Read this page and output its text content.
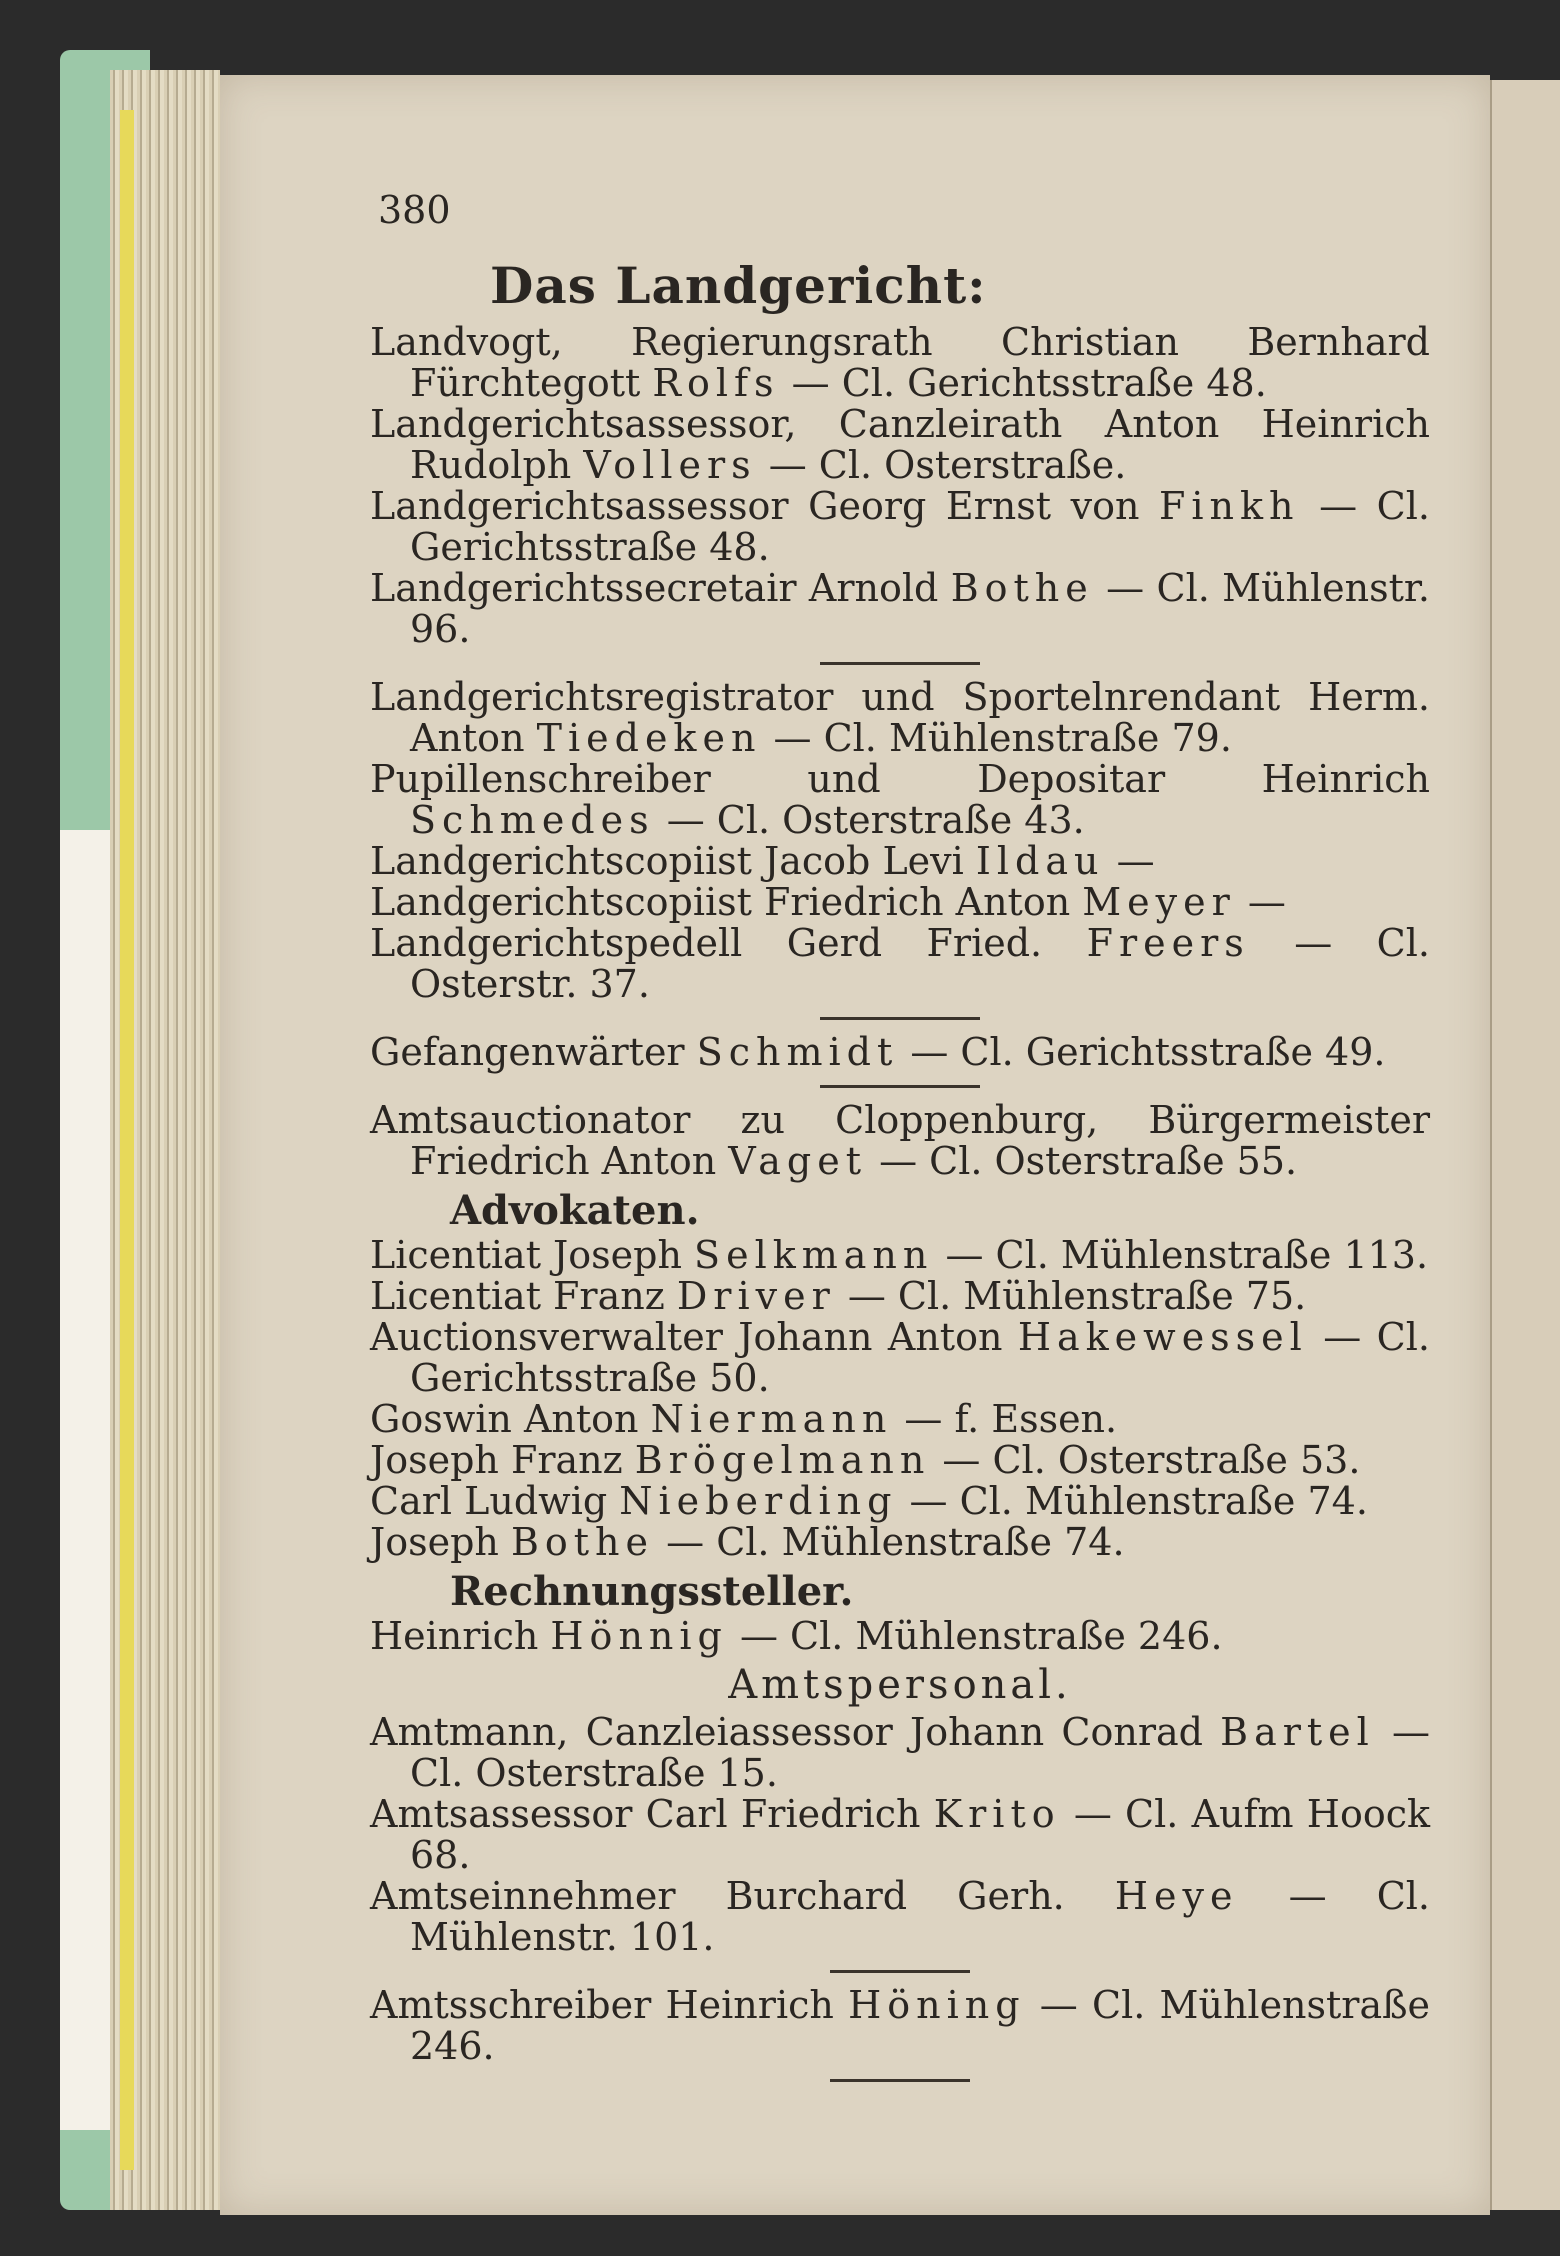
380
Das Landgericht:

Landvogt, Regierungsrath Christian Bernhard Fürchtegott Rolfs — Cl. Gerichtsstraße 48.

Landgerichtsassessor, Canzleirath Anton Heinrich Rudolph Vollers — Cl. Osterstraße.

Landgerichtsassessor Georg Ernst von Finkh — Cl. Gerichtsstraße 48.

Landgerichtssecretair Arnold Bothe — Cl. Mühlenstr. 96.

Landgerichtsregistrator und Sportelnrendant Herm. Anton Tiedeken — Cl. Mühlenstraße 79.

Pupillenschreiber und Depositar Heinrich Schmedes — Cl. Osterstraße 43.

Landgerichtscopiist Jacob Levi Ildau —

Landgerichtscopiist Friedrich Anton Meyer —

Landgerichtspedell Gerd Fried. Freers — Cl. Osterstr. 37.

Gefangenwärter Schmidt — Cl. Gerichtsstraße 49.

Amtsauctionator zu Cloppenburg, Bürgermeister Friedrich Anton Vaget — Cl. Osterstraße 55.

Advokaten.

Licentiat Joseph Selkmann — Cl. Mühlenstraße 113.

Licentiat Franz Driver — Cl. Mühlenstraße 75.

Auctionsverwalter Johann Anton Hakewessel — Cl. Gerichtsstraße 50.

Goswin Anton Niermann — f. Essen.

Joseph Franz Brögelmann — Cl. Osterstraße 53.

Carl Ludwig Nieberding — Cl. Mühlenstraße 74.

Joseph Bothe — Cl. Mühlenstraße 74.

Rechnungssteller.

Heinrich Hönnig — Cl. Mühlenstraße 246.

Amtspersonal.

Amtmann, Canzleiassessor Johann Conrad Bartel — Cl. Osterstraße 15.

Amtsassessor Carl Friedrich Krito — Cl. Aufm Hoock 68.

Amtseinnehmer Burchard Gerh. Heye — Cl. Mühlenstr. 101.

Amtsschreiber Heinrich Höning — Cl. Mühlenstraße 246.
